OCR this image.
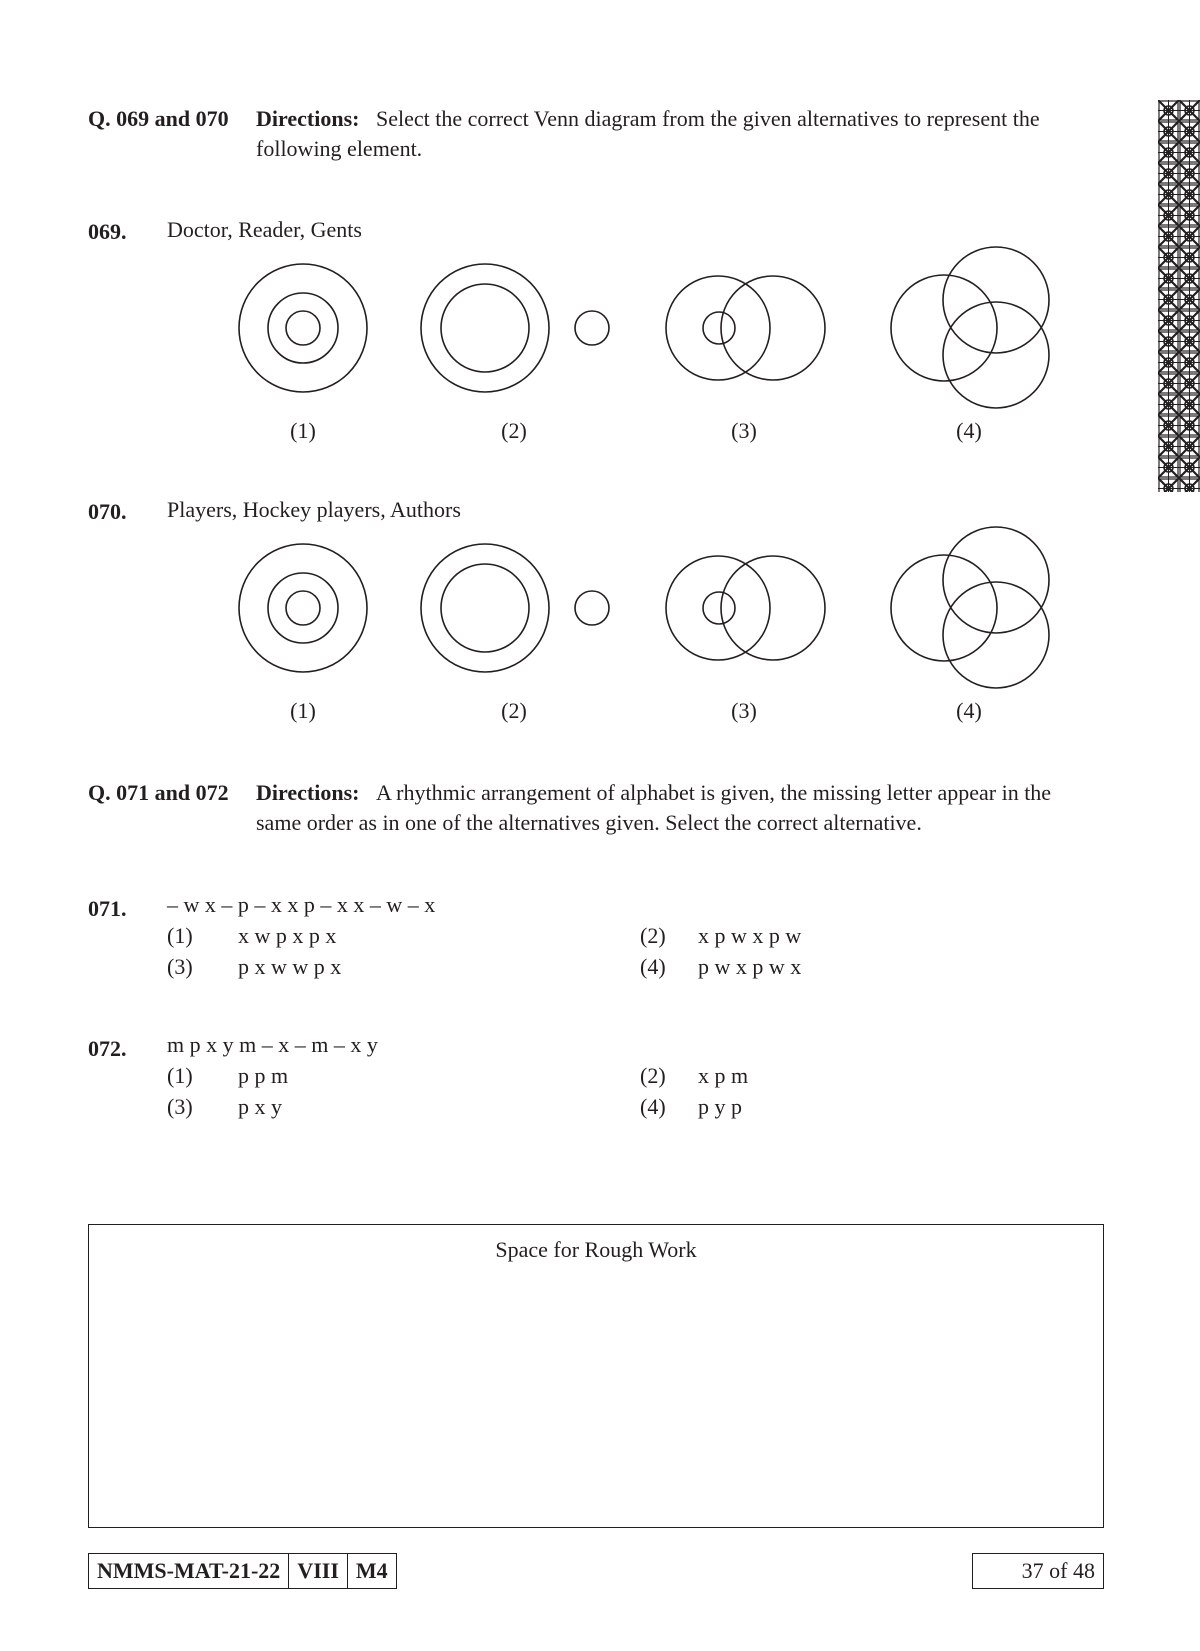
Q. 069 and 070 Directions: Select the correct Venn diagram from the given alternatives to represent the
following element.
069. Doctor, Reader, Gents
(1)	(2)	(3)	(4)
070. Players, Hockey players, Authors
(1)	(2)	(3)	(4)
Q. 071 and 072 Directions: A rhythmic arrangement of alphabet is given, the missing letter appear in the
same order as in one of the alternatives given. Select the correct alternative.
071. – w x – p – x x p – x x – w – x
(1) x w p x p x	(2) x p w x p w
(3) p x w w p x	(4) p w x p w x
072. m p x y m – x – m – x y
(1) p p m	(2) x p m
(3) p x y	(4) p y p
Space for Rough Work
NMMS-MAT-21-22 VIII M4	37 of 48
